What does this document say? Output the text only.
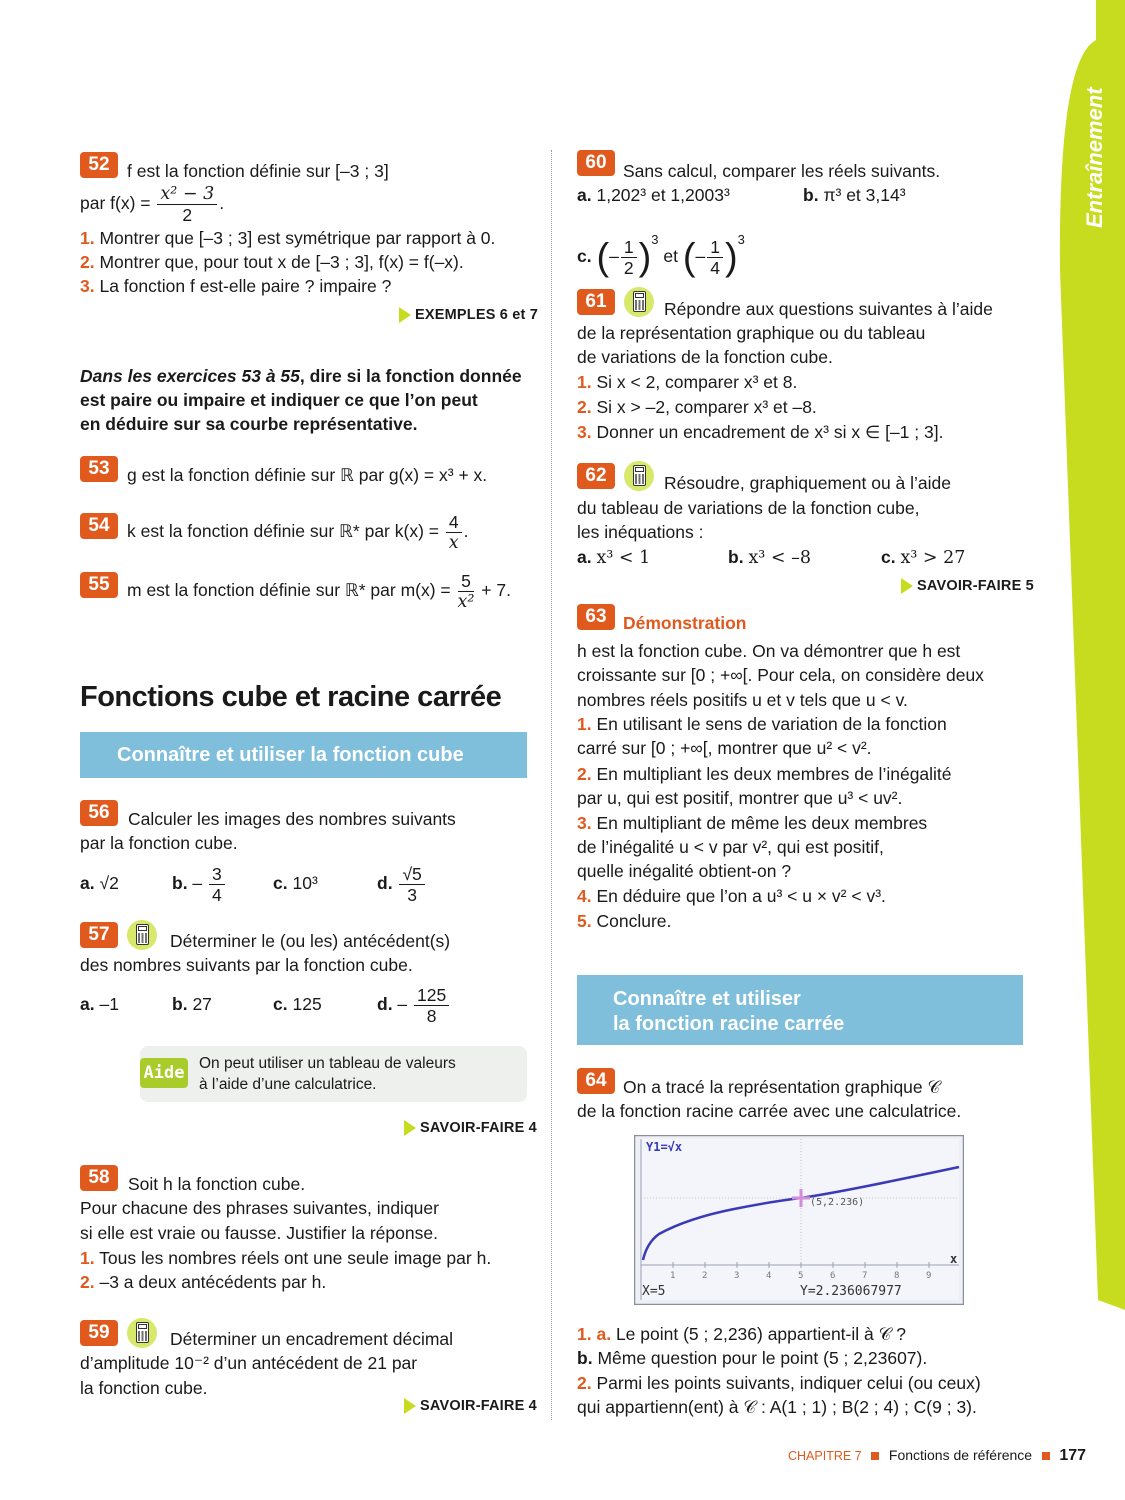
Entraînement
52 f est la fonction définie sur [–3 ; 3]
par $f(x) = \frac{\text{x² − 3}}{2}$ .
1. Montrer que [–3 ; 3] est symétrique par rapport à 0.
2. Montrer que, pour tout x de [–3 ; 3], f(x) = f(–x).
3. La fonction f est-elle paire ? impaire ?
EXEMPLES 6 et 7
Dans les exercices 53 à 55, dire si la fonction donnée
est paire ou impaire et indiquer ce que l’on peut
en déduire sur sa courbe représentative.
53 g est la fonction définie sur ℝ par g(x) = x³ + x.
54 k est la fonction définie sur ℝ* par $k(x) = \frac{4}{x}$ .
55 m est la fonction définie sur ℝ* par $m(x) = \frac{5}{\text{x²}} + 7$.
Fonctions cube et racine carrée
Connaître et utiliser la fonction cube
56	Calculer les images des nombres suivants
par la fonction cube.
a. √2	b. – $\frac{3}{4}$	c. 10³	d. $\frac{√5}{3}$
57	Déterminer le (ou les) antécédent(s)
des nombres suivants par la fonction cube.
a. –1	b. 27	c. 125	d. – $\frac{125}{8}$
Aide On peut utiliser un tableau de valeurs
à l’aide d’une calculatrice.
SAVOIR-FAIRE 4
58	Soit h la fonction cube.
Pour chacune des phrases suivantes, indiquer
si elle est vraie ou fausse. Justifier la réponse.
1. Tous les nombres réels ont une seule image par h.
2. –3 a deux antécédents par h.
59	Déterminer un encadrement décimal
d’amplitude 10⁻² d’un antécédent de 21 par
la fonction cube.
SAVOIR-FAIRE 4
60 Sans calcul, comparer les réels suivants.
a. 1,202³ et 1,2003³	b. π³ et 3,14³
c. (– $\frac{1}{2} )^3$ et (– $\frac{1}{4} )^3$
61	Répondre aux questions suivantes à l’aide
de la représentation graphique ou du tableau
de variations de la fonction cube.
1. Si x < 2, comparer x³ et 8.
2. Si x > –2, comparer x³ et –8.
3. Donner un encadrement de x³ si x ∈ [–1 ; 3].
62	Résoudre, graphiquement ou à l’aide
du tableau de variations de la fonction cube,
les inéquations :
a. x³ < 1	b. x³ < –8	c. x³ > 27
SAVOIR-FAIRE 5
63 Démonstration
h est la fonction cube. On va démontrer que h est
croissante sur [0 ; +∞[. Pour cela, on considère deux
nombres réels positifs u et v tels que u < v.
1. En utilisant le sens de variation de la fonction
carré sur [0 ; +∞[, montrer que u² < v².
2. En multipliant les deux membres de l’inégalité
par u, qui est positif, montrer que u³ < uv².
3. En multipliant de même les deux membres
de l’inégalité u < v par v², qui est positif,
quelle inégalité obtient-on ?
4. En déduire que l’on a u³ < u × v² < v³.
5. Conclure.
Connaître et utiliser
la fonction racine carrée
64 On a tracé la représentation graphique 𝒞
de la fonction racine carrée avec une calculatrice.
1	2	3	4	5	6	7	8	9
Y1=√x
(5,2.236)
x
X=5	Y=2.236067977
1. a. Le point (5 ; 2,236) appartient-il à 𝒞 ?
b. Même question pour le point (5 ; 2,23607).
2. Parmi les points suivants, indiquer celui (ou ceux)
qui appartienn(ent) à 𝒞 : A(1 ; 1) ; B(2 ; 4) ; C(9 ; 3).
CHAPITRE 7 Fonctions de référence 177
